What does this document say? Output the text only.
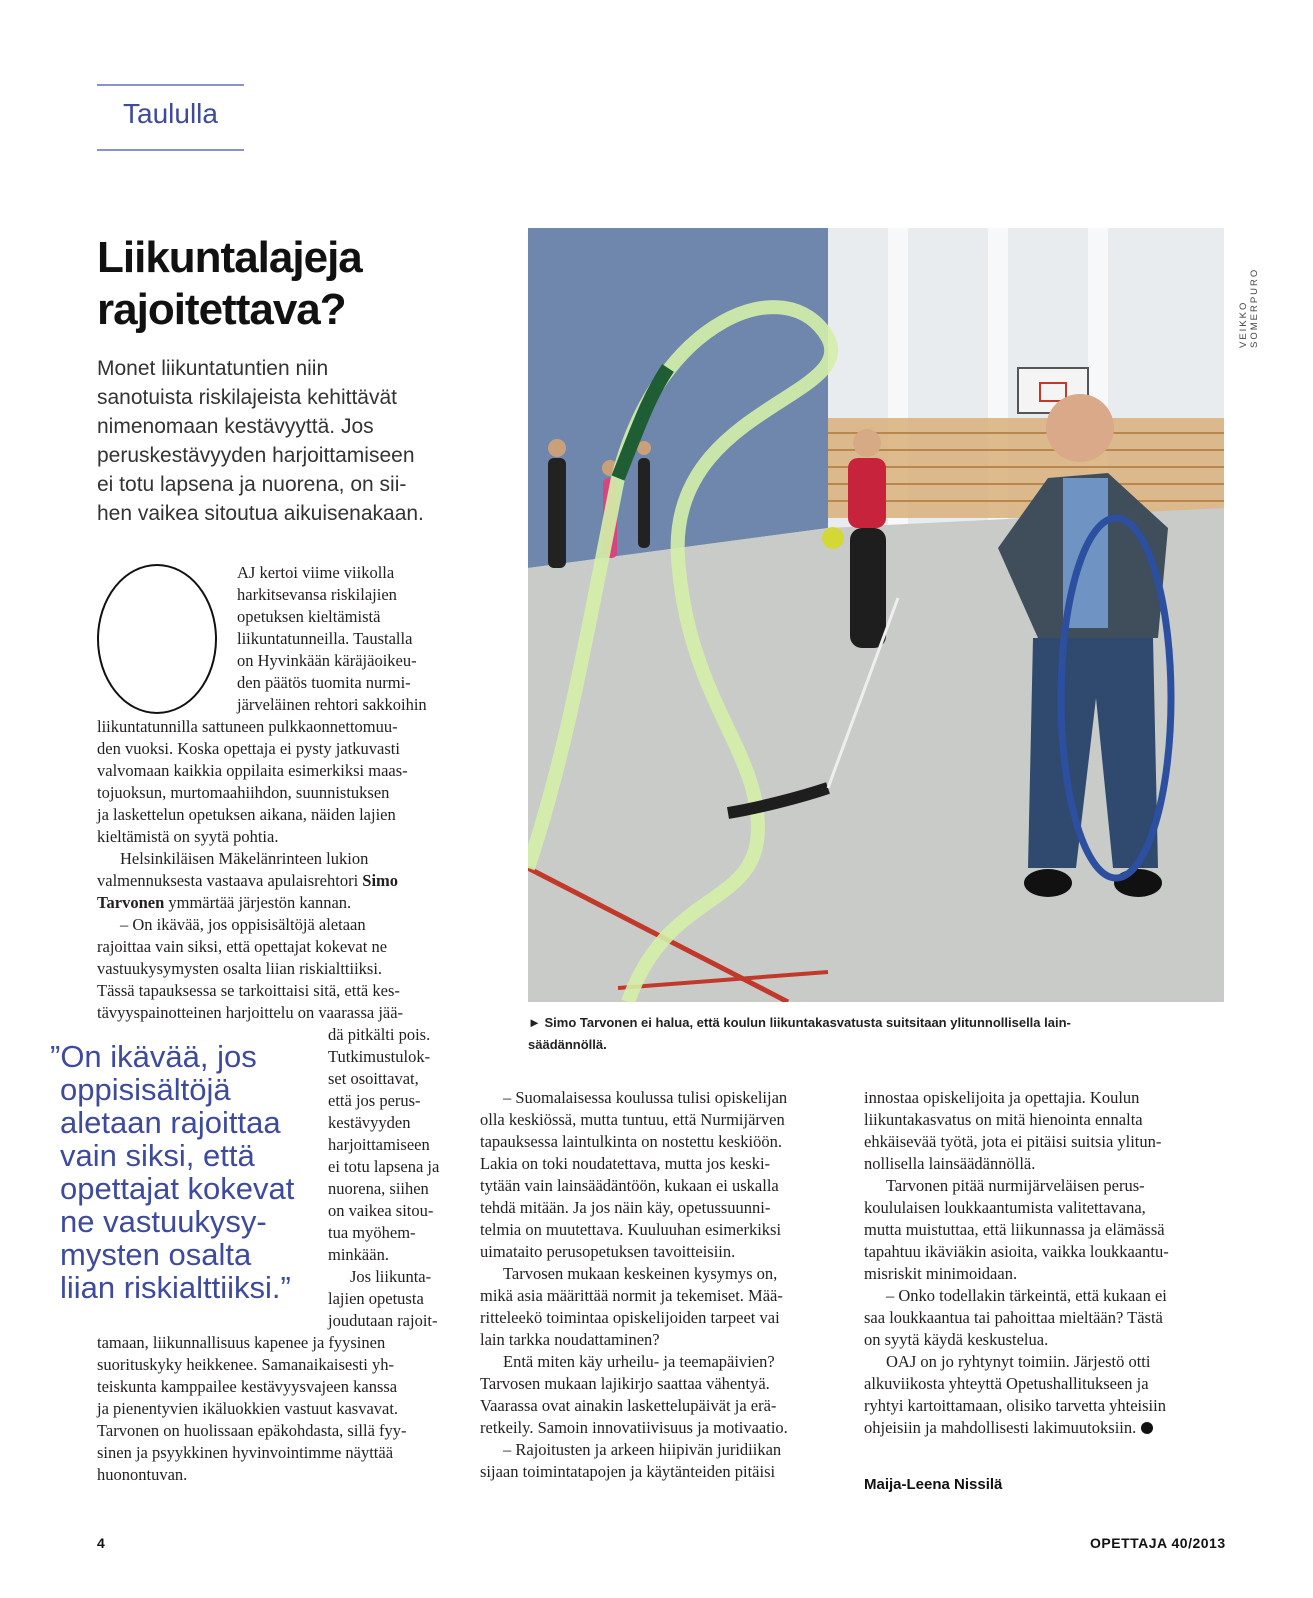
Taululla
Liikuntalajeja
rajoitettava?
Monet liikuntatuntien niin
sanotuista riskilajeista kehittävät
nimenomaan kestävyyttä. Jos
peruskestävyyden harjoittamiseen
ei totu lapsena ja nuorena, on sii-
hen vaikea sitoutua aikuisenakaan.
AJ kertoi viime viikolla
harkitsevansa riskilajien
opetuksen kieltämistä
liikuntatunneilla. Taustalla
on Hyvinkään käräjäoikeu-
den päätös tuomita nurmi-
järveläinen rehtori sakkoihin
liikuntatunnilla sattuneen pulkkaonnettomuu-
den vuoksi. Koska opettaja ei pysty jatkuvasti
valvomaan kaikkia oppilaita esimerkiksi maas-
tojuoksun, murtomaahiihdon, suunnistuksen
ja laskettelun opetuksen aikana, näiden lajien
kieltämistä on syytä pohtia.
Helsinkiläisen Mäkelänrinteen lukion
valmennuksesta vastaava apulaisrehtori Simo
Tarvonen ymmärtää järjestön kannan.
– On ikävää, jos oppisisältöjä aletaan
rajoittaa vain siksi, että opettajat kokevat ne
vastuukysymysten osalta liian riskialttiiksi.
Tässä tapauksessa se tarkoittaisi sitä, että kes-
tävyyspainotteinen harjoittelu on vaarassa jää-
dä pitkälti pois.
Tutkimustulok-
set osoittavat,
että jos perus-
kestävyyden
harjoittamiseen
ei totu lapsena ja
nuorena, siihen
on vaikea sitou-
tua myöhem-
minkään.
Jos liikunta-
lajien opetusta
joudutaan rajoit-
tamaan, liikunnallisuus kapenee ja fyysinen
suorituskyky heikkenee. Samanaikaisesti yh-
teiskunta kamppailee kestävyysvajeen kanssa
ja pienentyvien ikäluokkien vastuut kasvavat.
Tarvonen on huolissaan epäkohdasta, sillä fyy-
sinen ja psyykkinen hyvinvointimme näyttää
huonontuvan.
”On ikävää, jos
oppisisältöjä
aletaan rajoittaa
vain siksi, että
opettajat kokevat
ne vastuukysy-
mysten osalta
liian riskialttiiksi.”
VEIKKO SOMERPURO
► Simo Tarvonen ei halua, että koulun liikuntakasvatusta suitsitaan ylitunnollisella lain-
säädännöllä.
– Suomalaisessa koulussa tulisi opiskelijan
olla keskiössä, mutta tuntuu, että Nurmijärven
tapauksessa laintulkinta on nostettu keskiöön.
Lakia on toki noudatettava, mutta jos keski-
tytään vain lainsäädäntöön, kukaan ei uskalla
tehdä mitään. Ja jos näin käy, opetussuunni-
telmia on muutettava. Kuuluuhan esimerkiksi
uimataito perusopetuksen tavoitteisiin.
Tarvosen mukaan keskeinen kysymys on,
mikä asia määrittää normit ja tekemiset. Mää-
ritteleekö toimintaa opiskelijoiden tarpeet vai
lain tarkka noudattaminen?
Entä miten käy urheilu- ja teemapäivien?
Tarvosen mukaan lajikirjo saattaa vähentyä.
Vaarassa ovat ainakin laskettelupäivät ja erä-
retkeily. Samoin innovatiivisuus ja motivaatio.
– Rajoitusten ja arkeen hiipivän juridiikan
sijaan toimintatapojen ja käytänteiden pitäisi
innostaa opiskelijoita ja opettajia. Koulun
liikuntakasvatus on mitä hienointa ennalta
ehkäisevää työtä, jota ei pitäisi suitsia ylitun-
nollisella lainsäädännöllä.
Tarvonen pitää nurmijärveläisen perus-
koululaisen loukkaantumista valitettavana,
mutta muistuttaa, että liikunnassa ja elämässä
tapahtuu ikäviäkin asioita, vaikka loukkaantu-
misriskit minimoidaan.
– Onko todellakin tärkeintä, että kukaan ei
saa loukkaantua tai pahoittaa mieltään? Tästä
on syytä käydä keskustelua.
OAJ on jo ryhtynyt toimiin. Järjestö otti
alkuviikosta yhteyttä Opetushallitukseen ja
ryhtyi kartoittamaan, olisiko tarvetta yhteisiin
ohjeisiin ja mahdollisesti lakimuutoksiin.
Maija-Leena Nissilä
4	OPETTAJA 40/2013
